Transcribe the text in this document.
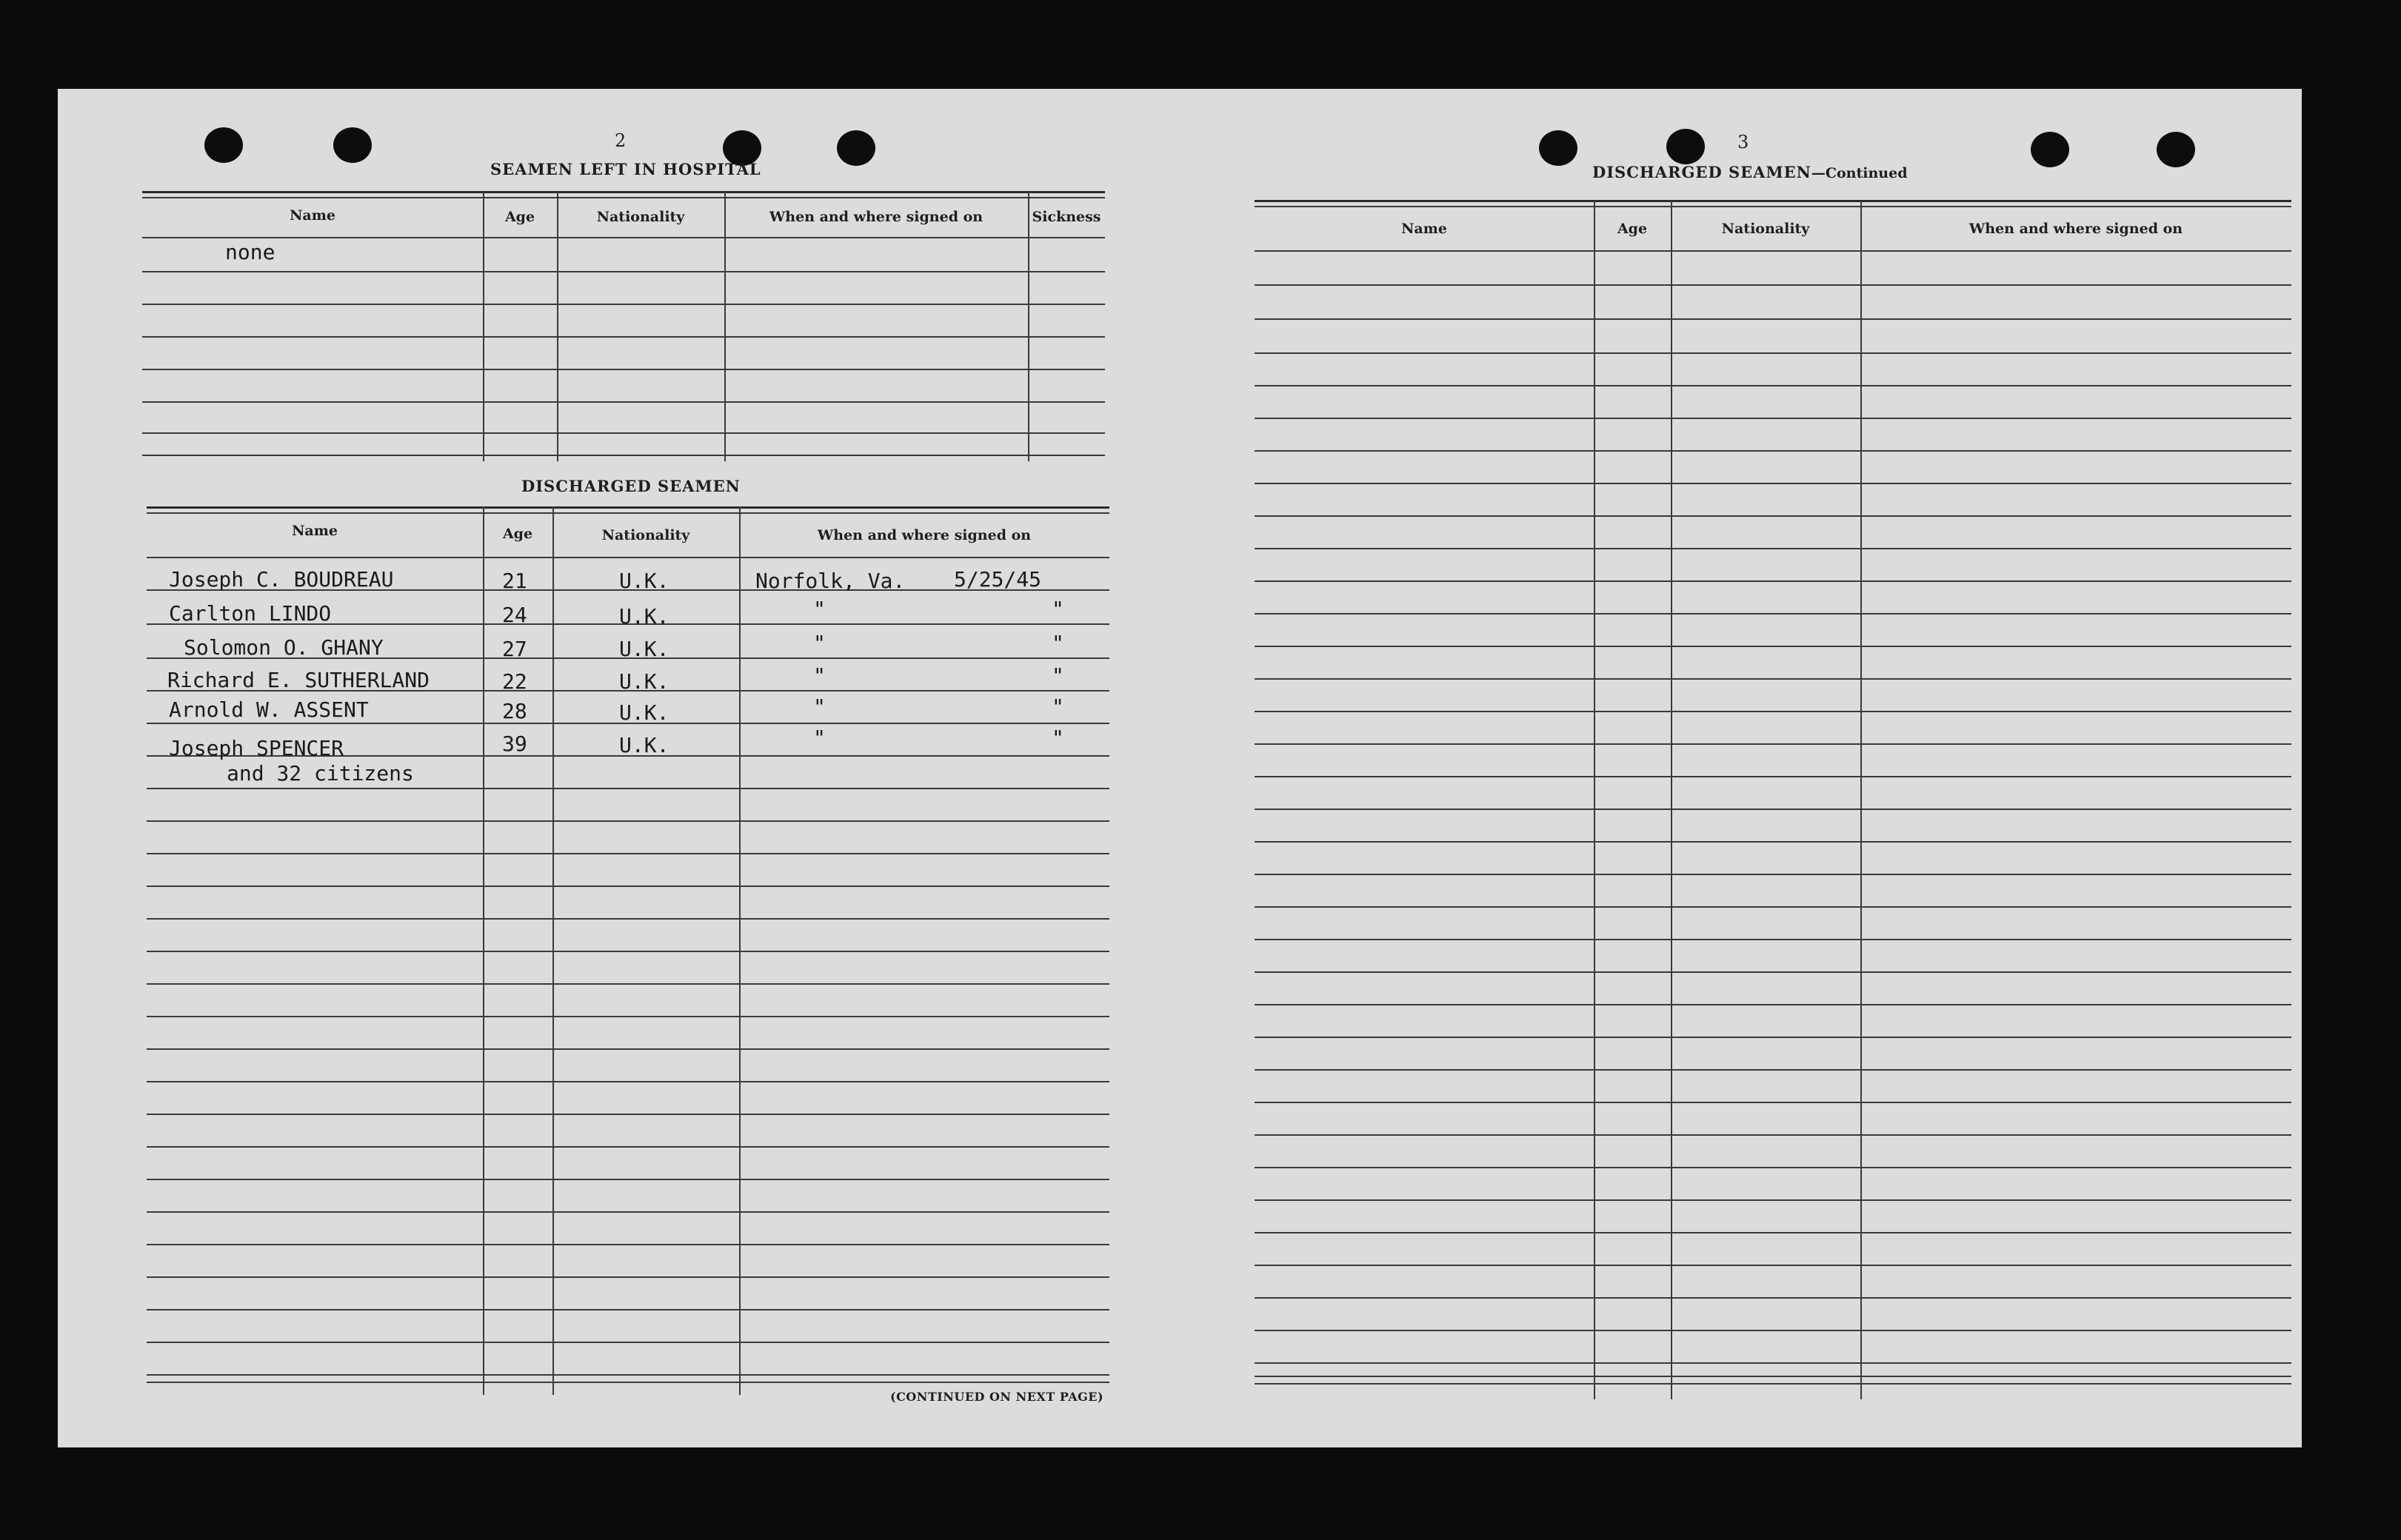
2
SEAMEN LEFT IN HOSPITAL
Name	Age	Nationality	When and where signed on	Sickness
none
DISCHARGED SEAMEN
Name	Age	Nationality	When and where signed on
Joseph C. BOUDREAU	21	U.K.	Norfolk, Va. 5/25/45
Carlton LINDO	24	U.K.	"	"
Solomon O. GHANY	27	U.K.	"	"
Richard E. SUTHERLAND	22	U.K.	"	"
Arnold W. ASSENT	28	U.K.	"	"
Joseph SPENCER	39	U.K.	"	"
and 32 citizens
(CONTINUED ON NEXT PAGE)
3
DISCHARGED SEAMEN—Continued
Name	Age	Nationality	When and where signed on
